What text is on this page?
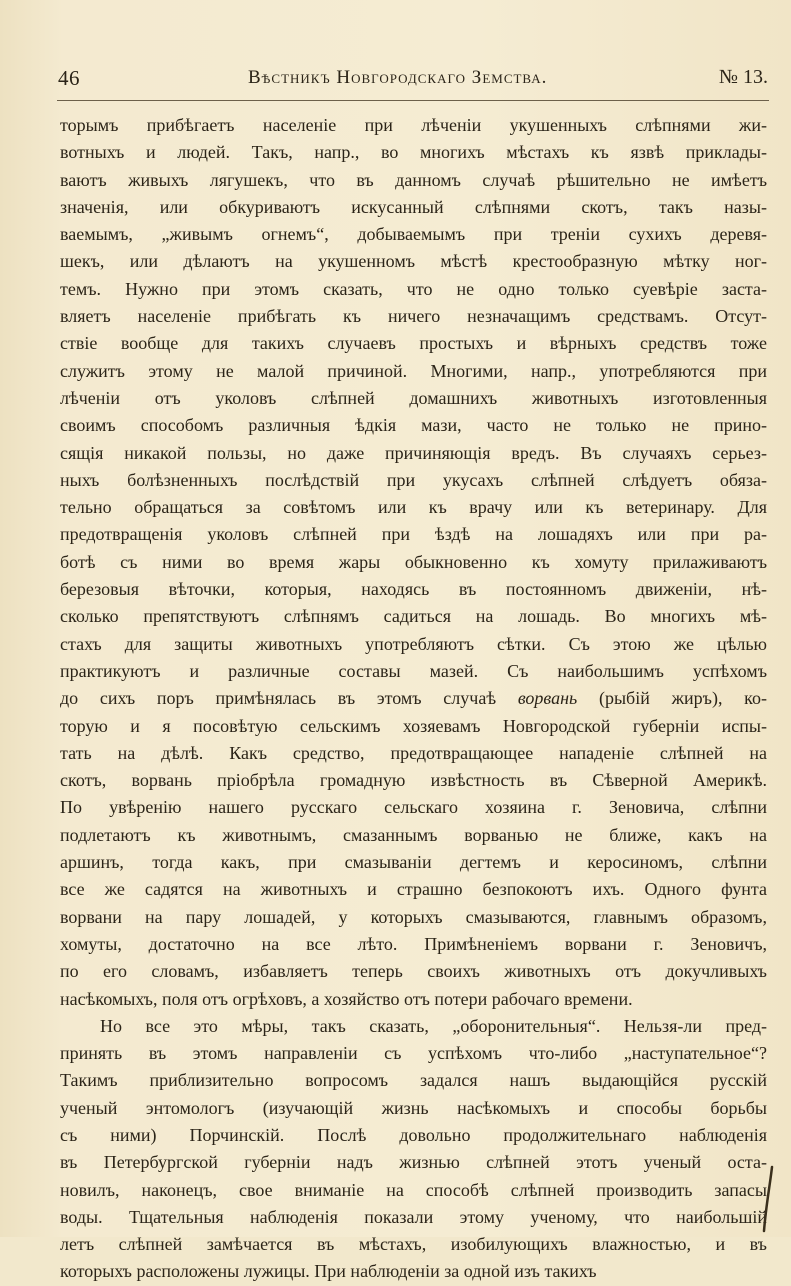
46	Вѣстникъ Новгородскаго Земства.	№ 13.
торымъ прибѣгаетъ населеніе при лѣченіи укушенныхъ слѣпнями жи-
вотныхъ и людей. Такъ, напр., во многихъ мѣстахъ къ язвѣ приклады-
ваютъ живыхъ лягушекъ, что въ данномъ случаѣ рѣшительно не имѣетъ
значенія, или обкуриваютъ искусанный слѣпнями скотъ, такъ назы-
ваемымъ, „живымъ огнемъ“, добываемымъ при треніи сухихъ деревя-
шекъ, или дѣлаютъ на укушенномъ мѣстѣ крестообразную мѣтку ног-
темъ. Нужно при этомъ сказать, что не одно только суевѣріе заста-
вляетъ населеніе прибѣгать къ ничего незначащимъ средствамъ. Отсут-
ствіе вообще для такихъ случаевъ простыхъ и вѣрныхъ средствъ тоже
служитъ этому не малой причиной. Многими, напр., употребляются при
лѣченіи отъ уколовъ слѣпней домашнихъ животныхъ изготовленныя
своимъ способомъ различныя ѣдкія мази, часто не только не прино-
сящія никакой пользы, но даже причиняющія вредъ. Въ случаяхъ серьез-
ныхъ болѣзненныхъ послѣдствій при укусахъ слѣпней слѣдуетъ обяза-
тельно обращаться за совѣтомъ или къ врачу или къ ветеринару. Для
предотвращенія уколовъ слѣпней при ѣздѣ на лошадяхъ или при ра-
ботѣ съ ними во время жары обыкновенно къ хомуту прилаживаютъ
березовыя вѣточки, которыя, находясь въ постоянномъ движеніи, нѣ-
сколько препятствуютъ слѣпнямъ садиться на лошадь. Во многихъ мѣ-
стахъ для защиты животныхъ употребляютъ сѣтки. Съ этою же цѣлью
практикуютъ и различные составы мазей. Съ наибольшимъ успѣхомъ
до сихъ поръ примѣнялась въ этомъ случаѣ ворвань (рыбій жиръ), ко-
торую и я посовѣтую сельскимъ хозяевамъ Новгородской губерніи испы-
тать на дѣлѣ. Какъ средство, предотвращающее нападеніе слѣпней на
скотъ, ворвань пріобрѣла громадную извѣстность въ Сѣверной Америкѣ.
По увѣренію нашего русскаго сельскаго хозяина г. Зеновича, слѣпни
подлетаютъ къ животнымъ, смазаннымъ ворванью не ближе, какъ на
аршинъ, тогда какъ, при смазываніи дегтемъ и керосиномъ, слѣпни
все же садятся на животныхъ и страшно безпокоютъ ихъ. Одного фунта
ворвани на пару лошадей, у которыхъ смазываются, главнымъ образомъ,
хомуты, достаточно на все лѣто. Примѣненіемъ ворвани г. Зеновичъ,
по его словамъ, избавляетъ теперь своихъ животныхъ отъ докучливыхъ
насѣкомыхъ, поля отъ огрѣховъ, а хозяйство отъ потери рабочаго времени.
Но все это мѣры, такъ сказать, „оборонительныя“. Нельзя-ли пред-
принять въ этомъ направленіи съ успѣхомъ что-либо „наступательное“?
Такимъ приблизительно вопросомъ задался нашъ выдающійся русскій
ученый энтомологъ (изучающій жизнь насѣкомыхъ и способы борьбы
съ ними) Порчинскій. Послѣ довольно продолжительнаго наблюденія
въ Петербургской губерніи надъ жизнью слѣпней этотъ ученый оста-
новилъ, наконецъ, свое вниманіе на способѣ слѣпней производить запасы
воды. Тщательныя наблюденія показали этому ученому, что наибольшій
летъ слѣпней замѣчается въ мѣстахъ, изобилующихъ влажностью, и въ
которыхъ расположены лужицы. При наблюденіи за одной изъ такихъ
